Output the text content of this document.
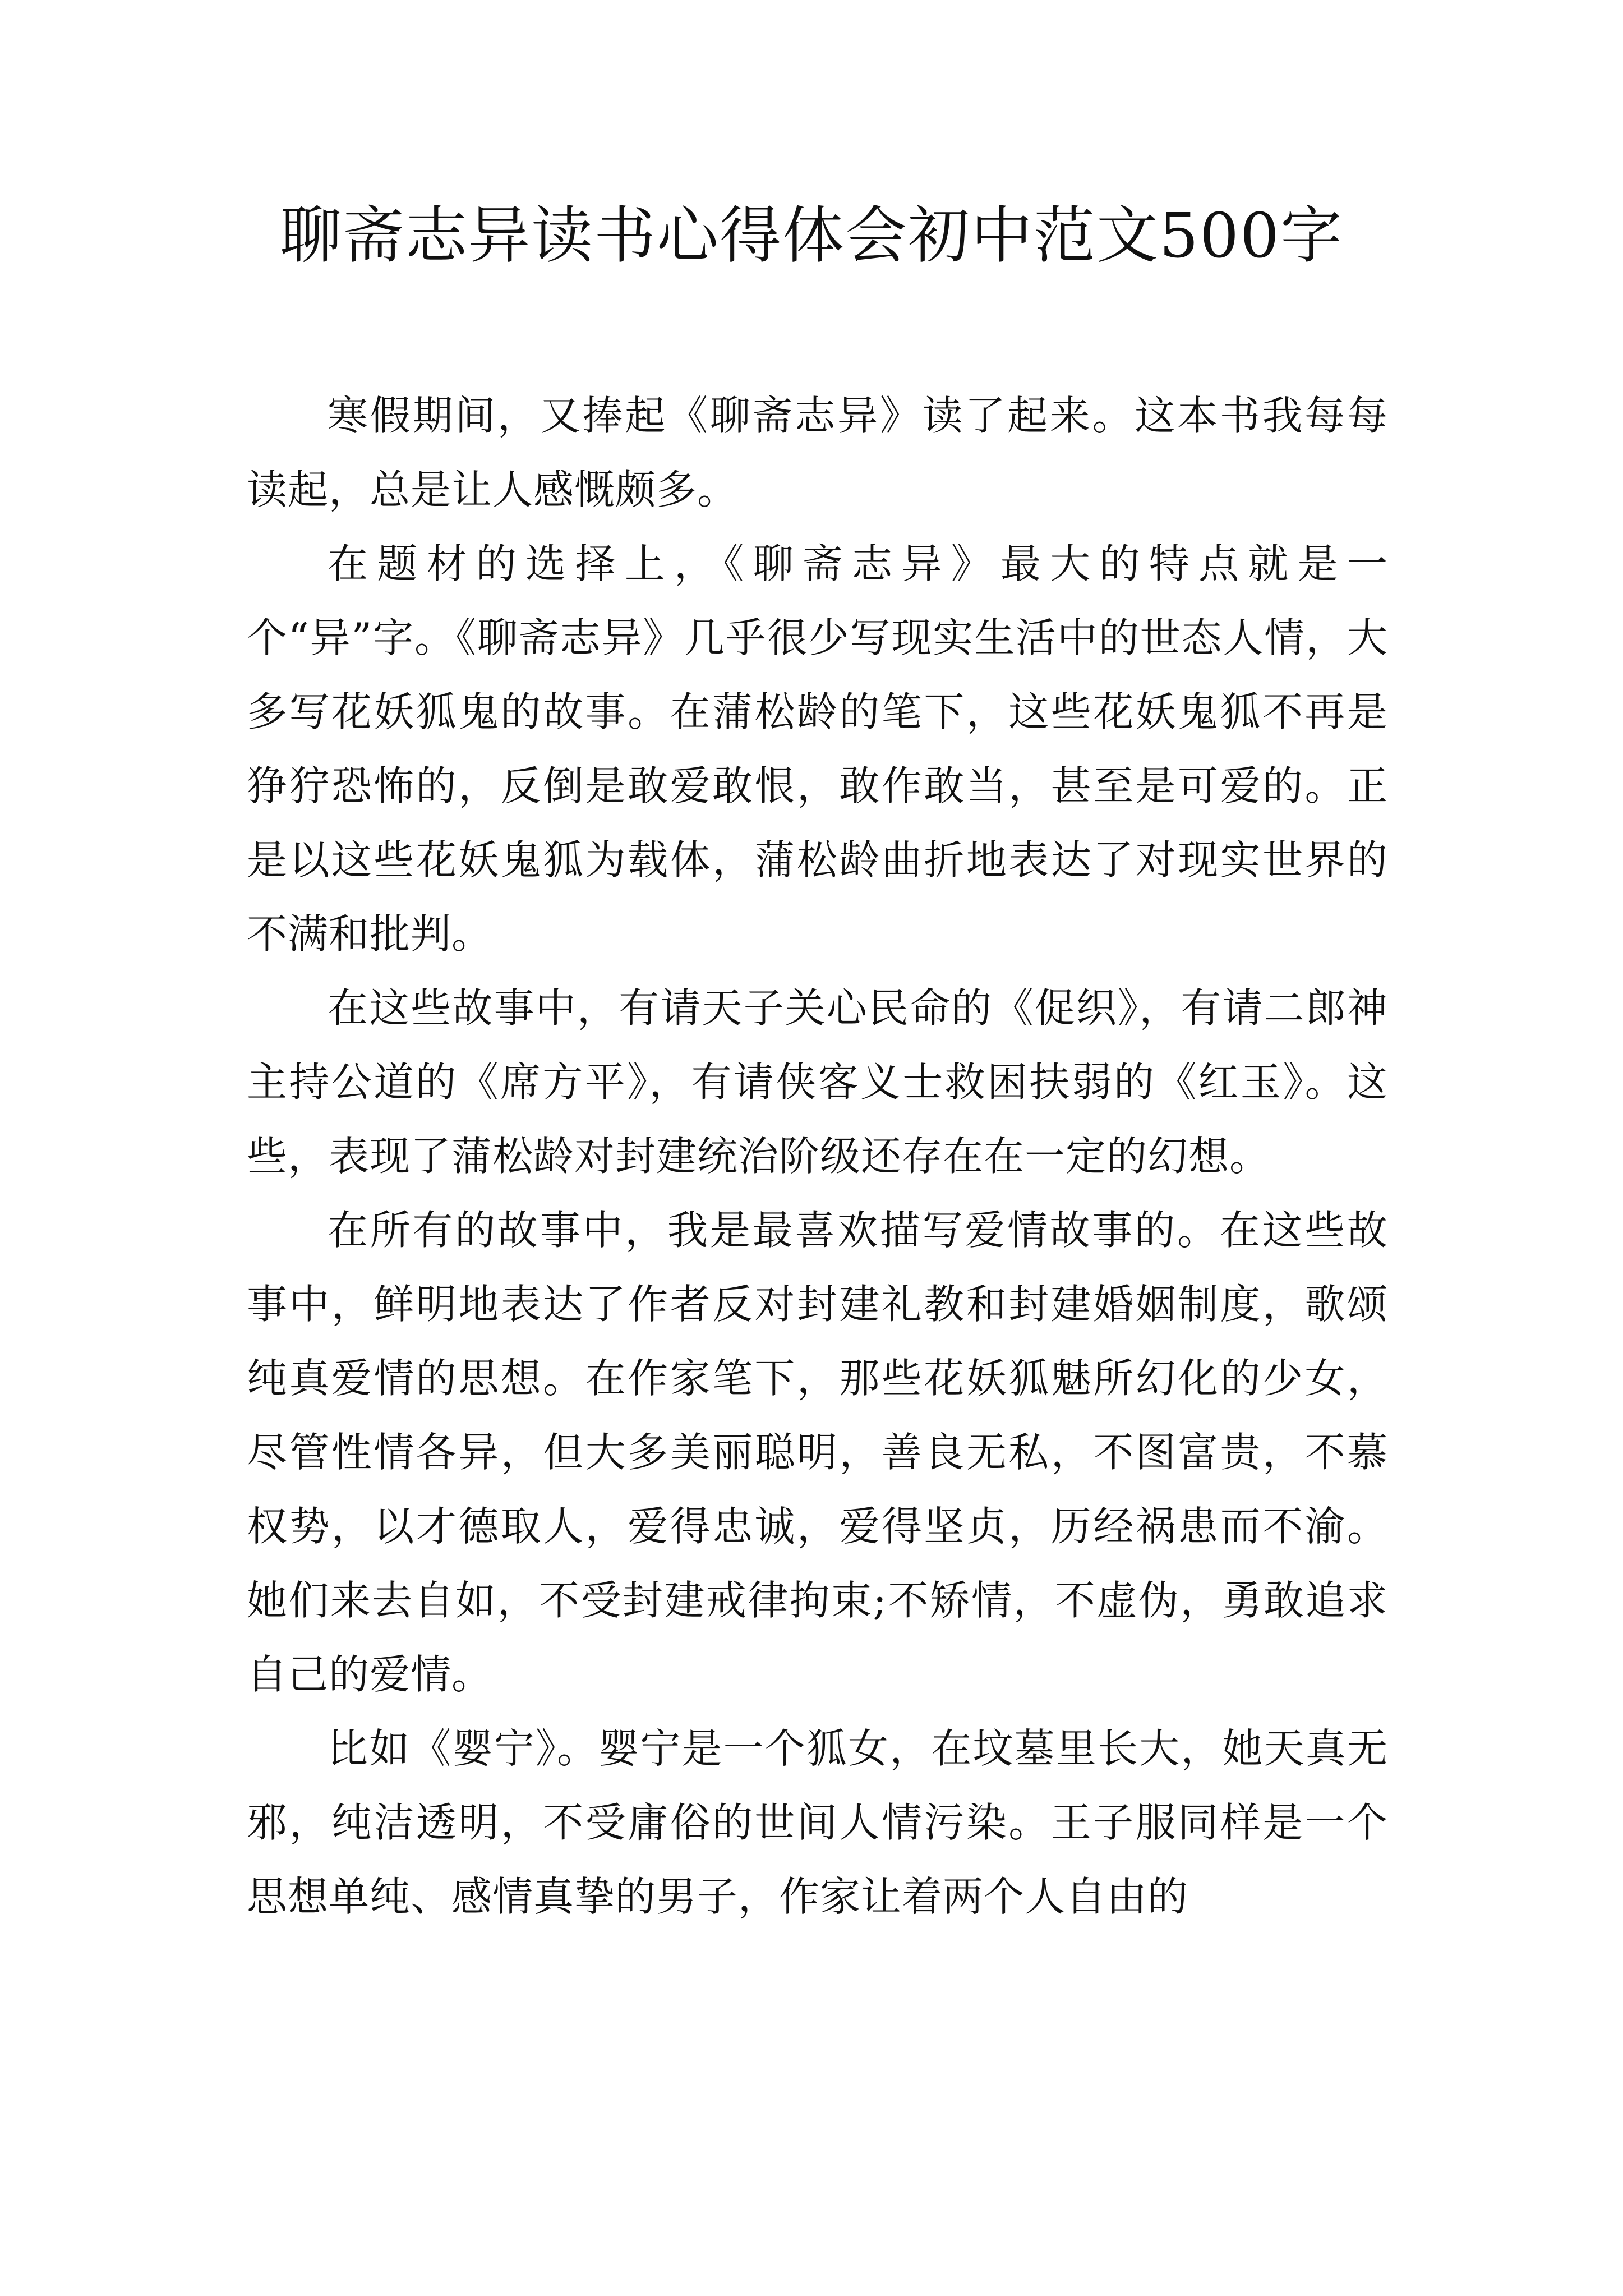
聊斋志异读书心得体会初中范文500字

寒假期间，又捧起《聊斋志异》读了起来。这本书我每每读起，总是让人感慨颇多。

在题材的选择上，《聊斋志异》最大的特点就是一个“异”字。《聊斋志异》几乎很少写现实生活中的世态人情，大多写花妖狐鬼的故事。在蒲松龄的笔下，这些花妖鬼狐不再是狰狞恐怖的，反倒是敢爱敢恨，敢作敢当，甚至是可爱的。正是以这些花妖鬼狐为载体，蒲松龄曲折地表达了对现实世界的不满和批判。

在这些故事中，有请天子关心民命的《促织》，有请二郎神主持公道的《席方平》，有请侠客义士救困扶弱的《红玉》。这些，表现了蒲松龄对封建统治阶级还存在在一定的幻想。

在所有的故事中，我是最喜欢描写爱情故事的。在这些故事中，鲜明地表达了作者反对封建礼教和封建婚姻制度，歌颂纯真爱情的思想。在作家笔下，那些花妖狐魅所幻化的少女，尽管性情各异，但大多美丽聪明，善良无私，不图富贵，不慕权势，以才德取人，爱得忠诚，爱得坚贞，历经祸患而不渝。她们来去自如，不受封建戒律拘束;不矫情，不虚伪，勇敢追求自己的爱情。

比如《婴宁》。婴宁是一个狐女，在坟墓里长大，她天真无邪，纯洁透明，不受庸俗的世间人情污染。王子服同样是一个思想单纯、感情真挚的男子，作家让着两个人自由的
